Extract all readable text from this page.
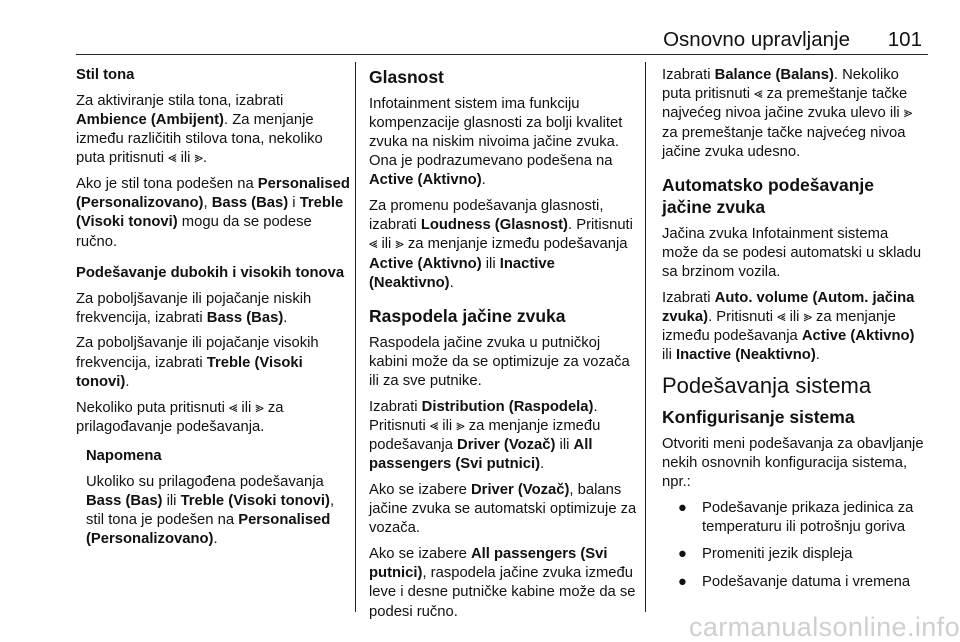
Osnovno upravljanje 101

Stil tona

Za aktiviranje stila tona, izabrati Ambience (Ambijent). Za menjanje između različitih stilova tona, nekoliko puta pritisnuti ⪡ ili ⪢.

Ako je stil tona podešen na Personalised (Personalizovano), Bass (Bas) i Treble (Visoki tonovi) mogu da se podese ručno.

Podešavanje dubokih i visokih tonova

Za poboljšavanje ili pojačanje niskih frekvencija, izabrati Bass (Bas).

Za poboljšavanje ili pojačanje visokih frekvencija, izabrati Treble (Visoki tonovi).

Nekoliko puta pritisnuti ⪡ ili ⪢ za prilagođavanje podešavanja.

Napomena

Ukoliko su prilagođena podešavanja Bass (Bas) ili Treble (Visoki tonovi), stil tona je podešen na Personalised (Personalizovano).

Glasnost

Infotainment sistem ima funkciju kompenzacije glasnosti za bolji kvalitet zvuka na niskim nivoima jačine zvuka. Ona je podrazumevano podešena na Active (Aktivno).

Za promenu podešavanja glasnosti, izabrati Loudness (Glasnost). Pritisnuti ⪡ ili ⪢ za menjanje između podešavanja Active (Aktivno) ili Inactive (Neaktivno).

Raspodela jačine zvuka

Raspodela jačine zvuka u putničkoj kabini može da se optimizuje za vozača ili za sve putnike.

Izabrati Distribution (Raspodela). Pritisnuti ⪡ ili ⪢ za menjanje između podešavanja Driver (Vozač) ili All passengers (Svi putnici).

Ako se izabere Driver (Vozač), balans jačine zvuka se automatski optimizuje za vozača.

Ako se izabere All passengers (Svi putnici), raspodela jačine zvuka između leve i desne putničke kabine može da se podesi ručno.

Izabrati Balance (Balans). Nekoliko puta pritisnuti ⪡ za premeštanje tačke najvećeg nivoa jačine zvuka ulevo ili ⪢ za premeštanje tačke najvećeg nivoa jačine zvuka udesno.

Automatsko podešavanje jačine zvuka

Jačina zvuka Infotainment sistema može da se podesi automatski u skladu sa brzinom vozila.

Izabrati Auto. volume (Autom. jačina zvuka). Pritisnuti ⪡ ili ⪢ za menjanje između podešavanja Active (Aktivno) ili Inactive (Neaktivno).

Podešavanja sistema

Konfigurisanje sistema

Otvoriti meni podešavanja za obavljanje nekih osnovnih konfiguracija sistema, npr.:

● Podešavanje prikaza jedinica za temperaturu ili potrošnju goriva
● Promeniti jezik displeja
● Podešavanje datuma i vremena
carmanualsonline.info
